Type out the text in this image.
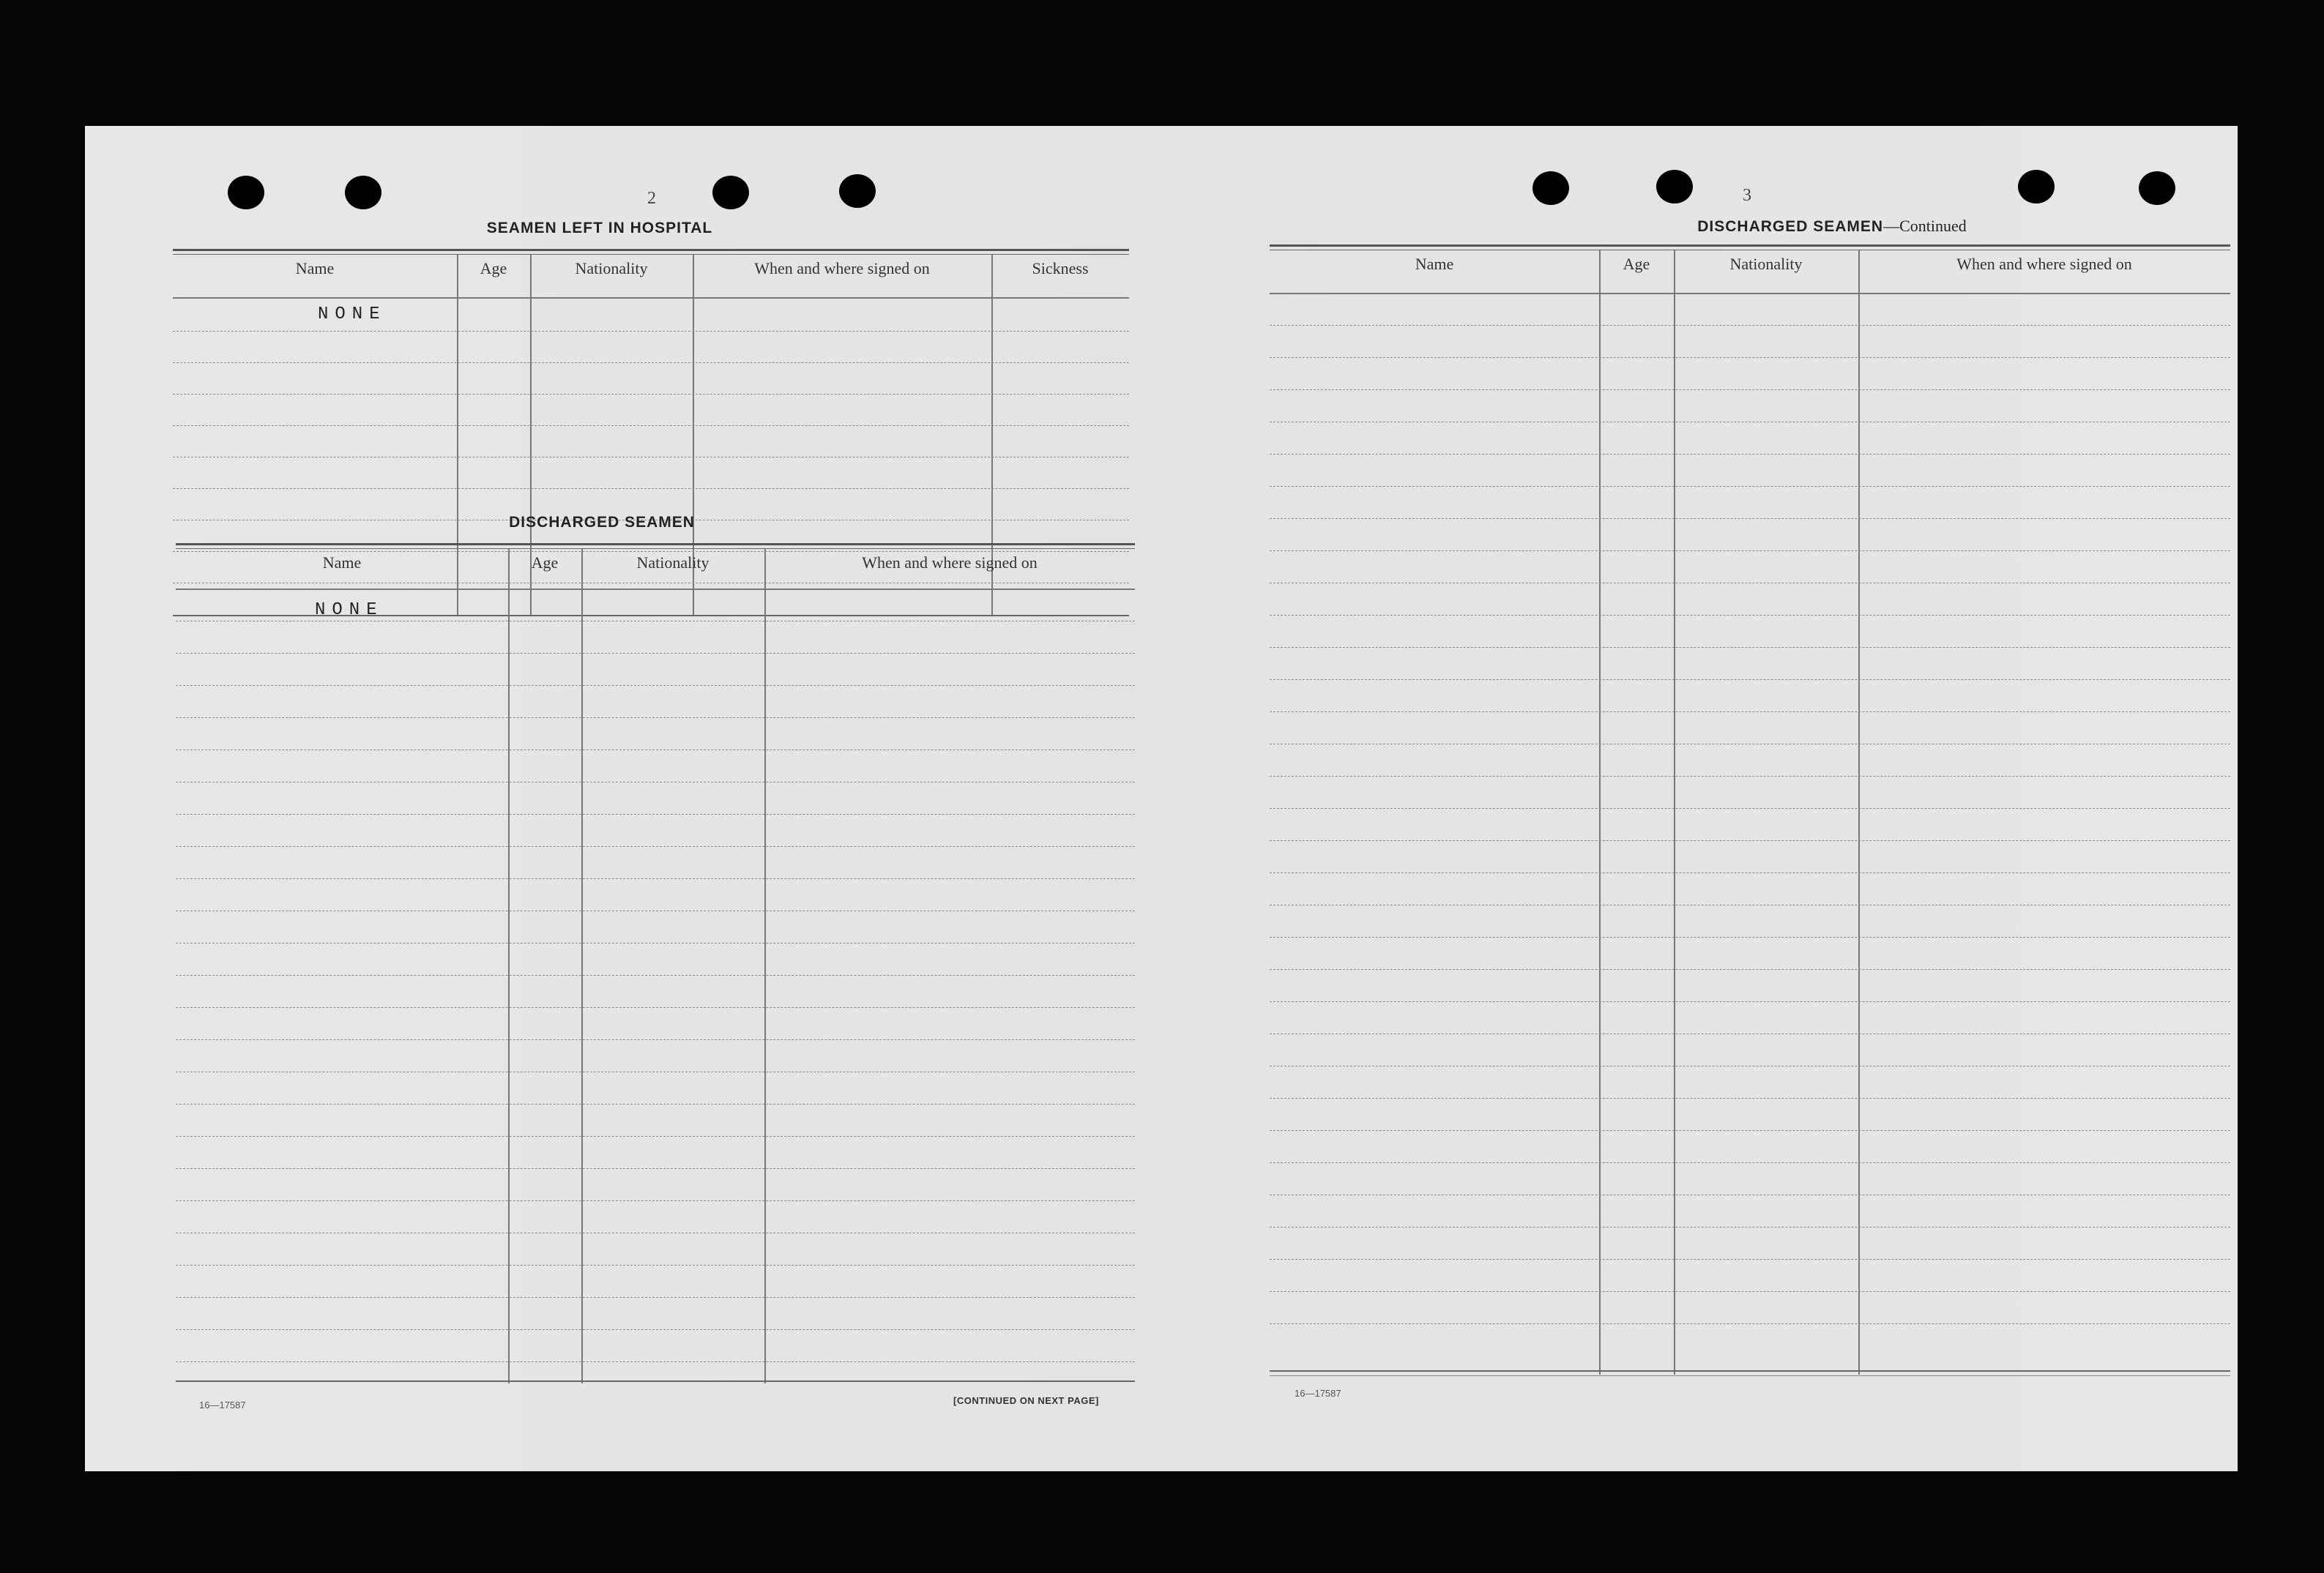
2
SEAMEN LEFT IN HOSPITAL
Name	Age	Nationality	When and where signed on	Sickness
NONE
DISCHARGED SEAMEN
Name	Age	Nationality	When and where signed on
NONE
16—17587	[CONTINUED ON NEXT PAGE]
3
DISCHARGED SEAMEN—Continued
Name	Age	Nationality	When and where signed on
16—17587
